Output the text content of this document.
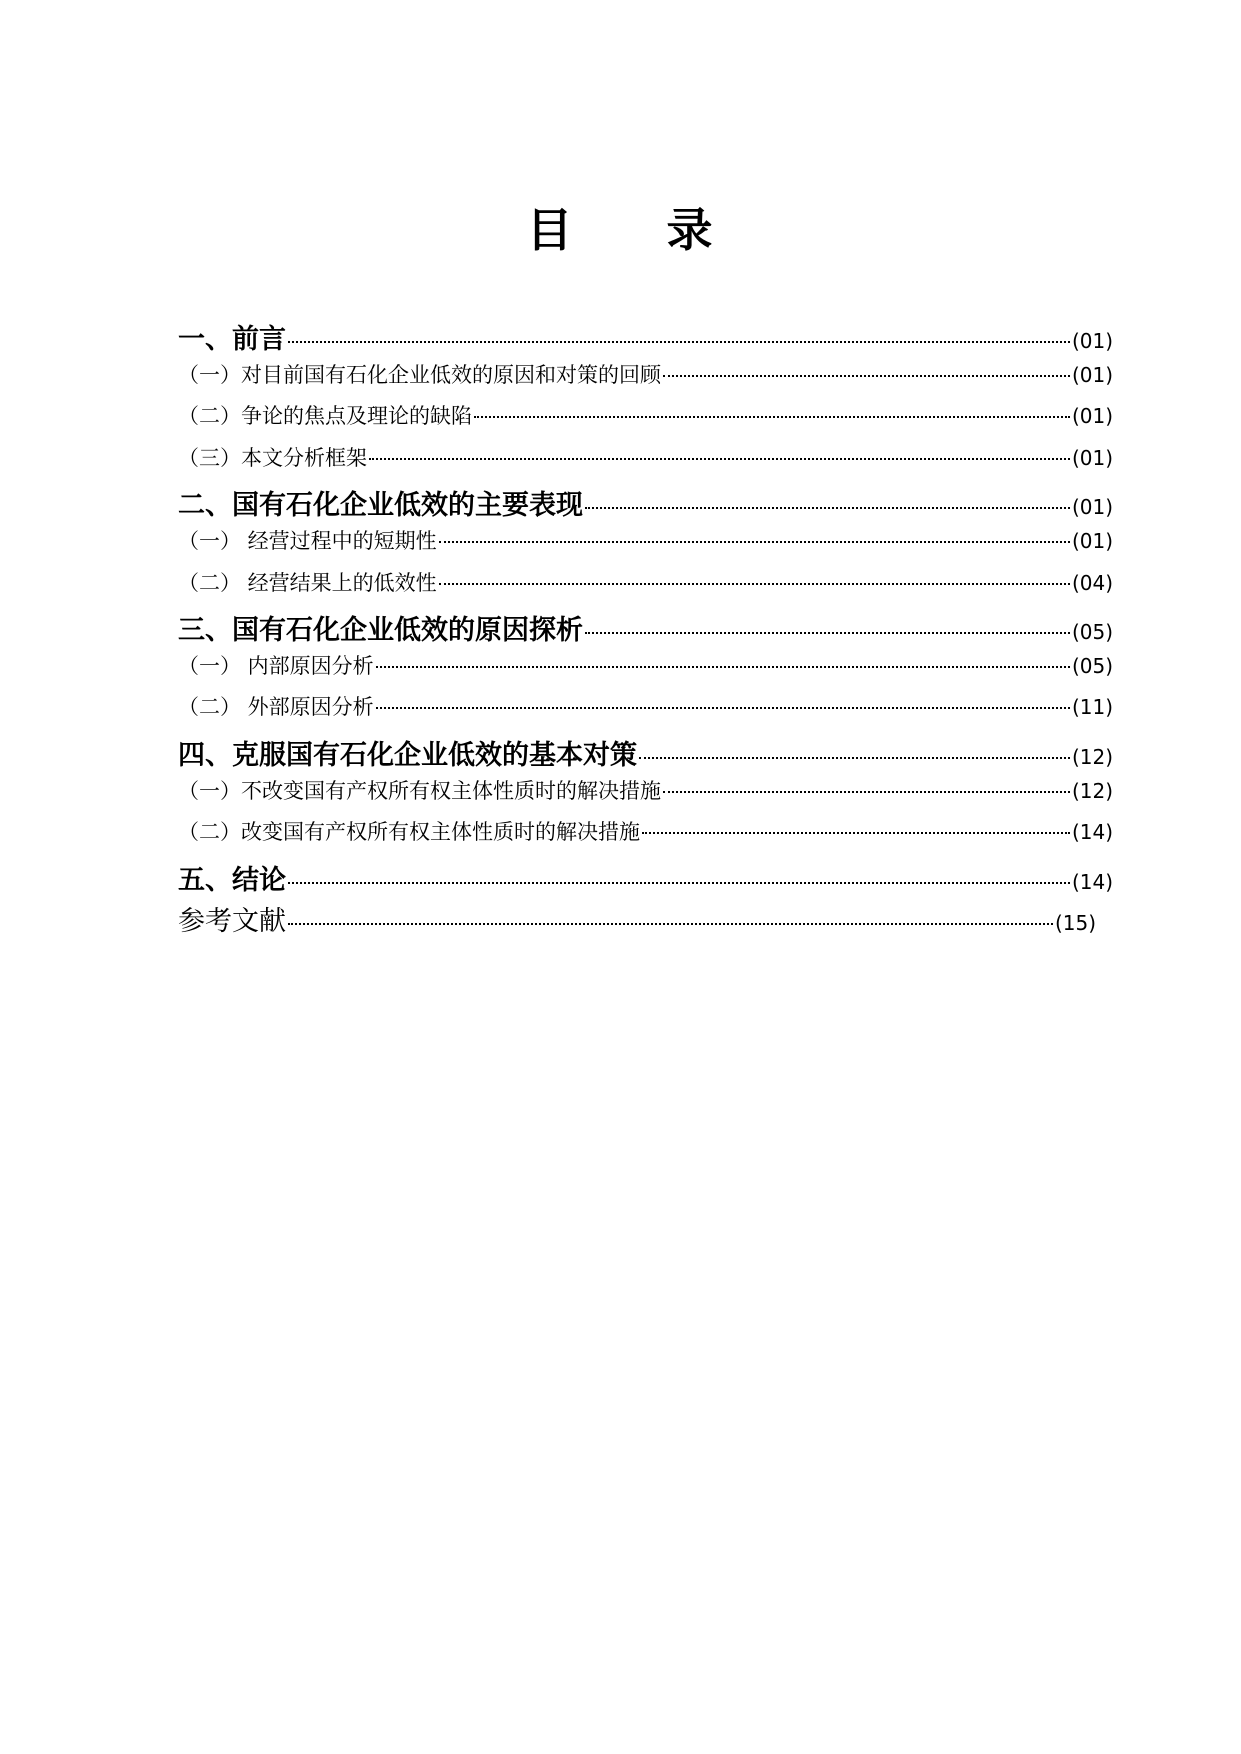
目 录
一、前言	(01)
（一）对目前国有石化企业低效的原因和对策的回顾	(01)
（二）争论的焦点及理论的缺陷	(01)
（三）本文分析框架	(01)
二、国有石化企业低效的主要表现	(01)
（一） 经营过程中的短期性	(01)
（二） 经营结果上的低效性	(04)
三、国有石化企业低效的原因探析	(05)
（一） 内部原因分析	(05)
（二） 外部原因分析	(11)
四、克服国有石化企业低效的基本对策	(12)
（一）不改变国有产权所有权主体性质时的解决措施	(12)
（二）改变国有产权所有权主体性质时的解决措施	(14)
五、结论	(14)
参考文献	(15)
